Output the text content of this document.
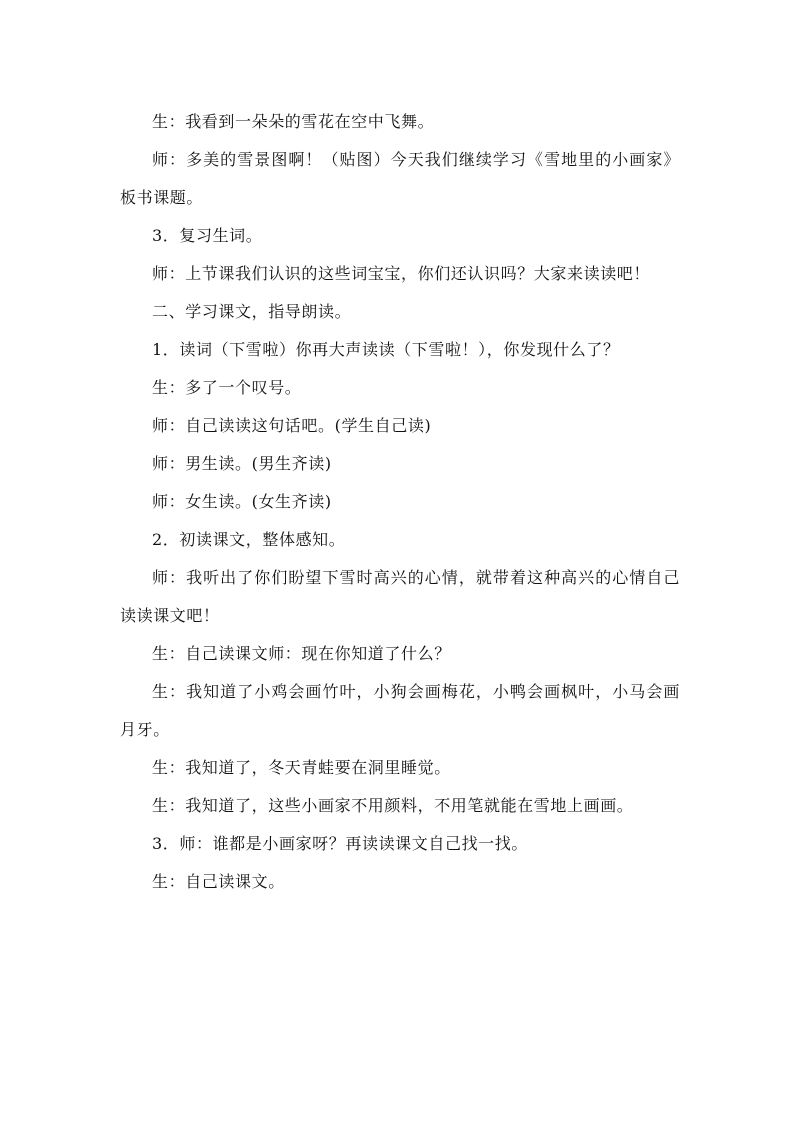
生：我看到一朵朵的雪花在空中飞舞。

师：多美的雪景图啊！（贴图）今天我们继续学习《雪地里的小画家》板书课题。

3．复习生词。

师：上节课我们认识的这些词宝宝，你们还认识吗？大家来读读吧！

二、学习课文，指导朗读。

1．读词（下雪啦）你再大声读读（下雪啦！），你发现什么了？

生：多了一个叹号。

师：自己读读这句话吧。(学生自己读)

师：男生读。(男生齐读)

师：女生读。(女生齐读)

2．初读课文，整体感知。

师：我听出了你们盼望下雪时高兴的心情，就带着这种高兴的心情自己读读课文吧！

生：自己读课文师：现在你知道了什么？

生：我知道了小鸡会画竹叶，小狗会画梅花，小鸭会画枫叶，小马会画月牙。

生：我知道了，冬天青蛙要在洞里睡觉。

生：我知道了，这些小画家不用颜料，不用笔就能在雪地上画画。

3．师：谁都是小画家呀？再读读课文自己找一找。

生：自己读课文。
